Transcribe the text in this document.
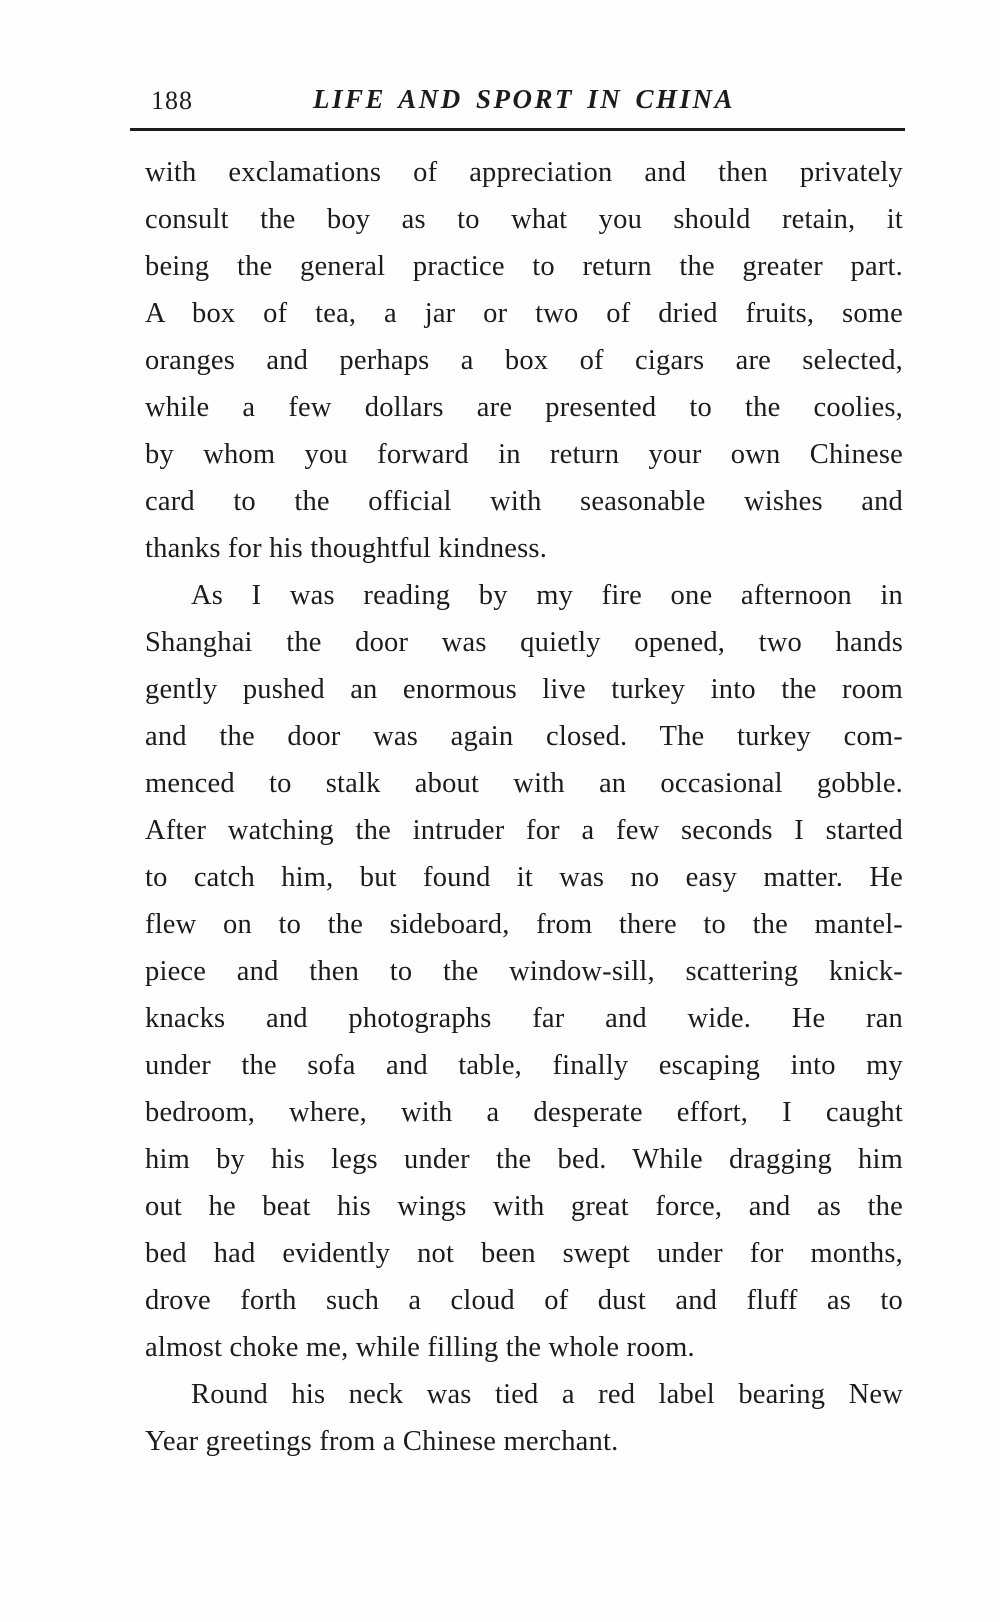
188	LIFE AND SPORT IN CHINA
with exclamations of appreciation and then privately
consult the boy as to what you should retain, it
being the general practice to return the greater part.
A box of tea, a jar or two of dried fruits, some
oranges and perhaps a box of cigars are selected,
while a few dollars are presented to the coolies,
by whom you forward in return your own Chinese
card to the official with seasonable wishes and
thanks for his thoughtful kindness.
As I was reading by my fire one afternoon in
Shanghai the door was quietly opened, two hands
gently pushed an enormous live turkey into the room
and the door was again closed. The turkey com-
menced to stalk about with an occasional gobble.
After watching the intruder for a few seconds I started
to catch him, but found it was no easy matter. He
flew on to the sideboard, from there to the mantel-
piece and then to the window-sill, scattering knick-
knacks and photographs far and wide. He ran
under the sofa and table, finally escaping into my
bedroom, where, with a desperate effort, I caught
him by his legs under the bed. While dragging him
out he beat his wings with great force, and as the
bed had evidently not been swept under for months,
drove forth such a cloud of dust and fluff as to
almost choke me, while filling the whole room.
Round his neck was tied a red label bearing New
Year greetings from a Chinese merchant.
